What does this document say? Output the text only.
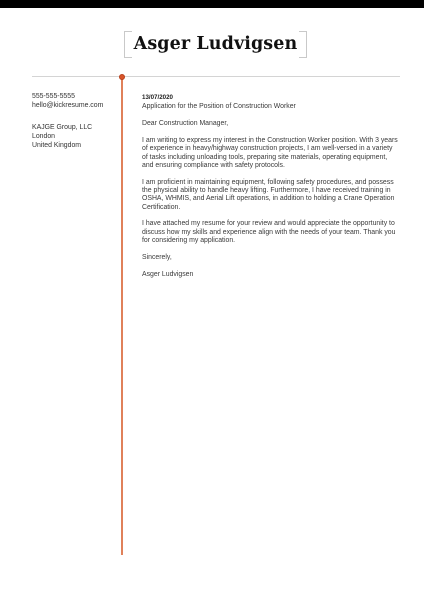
Asger Ludvigsen
555-555-5555
hello@kickresume.com
KAJGE Group, LLC
London
United Kingdom
13/07/2020
Application for the Position of Construction Worker
Dear Construction Manager,
I am writing to express my interest in the Construction Worker position. With 3 years of experience in heavy/highway construction projects, I am well-versed in a variety of tasks including unloading tools, preparing site materials, operating equipment, and ensuring compliance with safety protocols.
I am proficient in maintaining equipment, following safety procedures, and possess the physical ability to handle heavy lifting. Furthermore, I have received training in OSHA, WHMIS, and Aerial Lift operations, in addition to holding a Crane Operation Certification.
I have attached my resume for your review and would appreciate the opportunity to discuss how my skills and experience align with the needs of your team. Thank you for considering my application.
Sincerely,
Asger Ludvigsen
